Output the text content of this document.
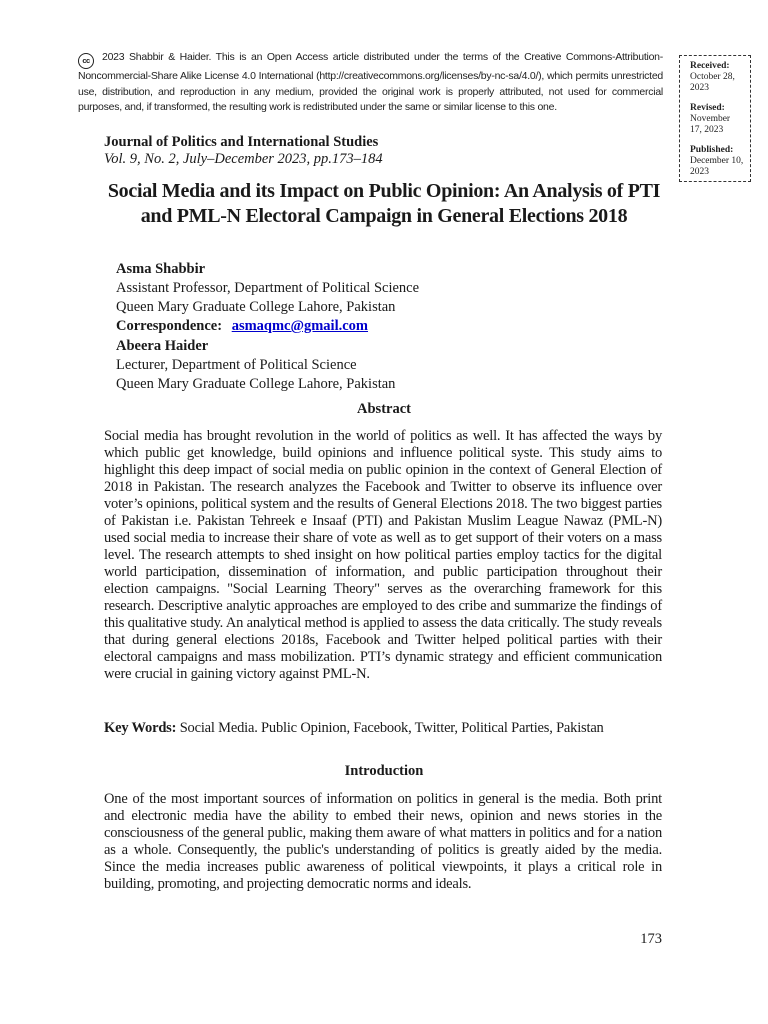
cc 2023 Shabbir & Haider. This is an Open Access article distributed under the terms of the Creative Commons-Attribution-Noncommercial-Share Alike License 4.0 International (http://creativecommons.org/licenses/by-nc-sa/4.0/), which permits unrestricted use, distribution, and reproduction in any medium, provided the original work is properly attributed, not used for commercial purposes, and, if transformed, the resulting work is redistributed under the same or similar license to this one.
Received:
October 28, 2023
Revised:
November 17, 2023
Published:
December 10, 2023
Journal of Politics and International Studies
Vol. 9, No. 2, July–December 2023, pp.173–184
Social Media and its Impact on Public Opinion: An Analysis of PTI and PML-N Electoral Campaign in General Elections 2018
Asma Shabbir
Assistant Professor, Department of Political Science
Queen Mary Graduate College Lahore, Pakistan
Correspondence: asmaqmc@gmail.com
Abeera Haider
Lecturer, Department of Political Science
Queen Mary Graduate College Lahore, Pakistan
Abstract
Social media has brought revolution in the world of politics as well. It has affected the ways by which public get knowledge, build opinions and influence political syste. This study aims to highlight this deep impact of social media on public opinion in the context of General Election of 2018 in Pakistan. The research analyzes the Facebook and Twitter to observe its influence over voter’s opinions, political system and the results of General Elections 2018. The two biggest parties of Pakistan i.e. Pakistan Tehreek e Insaaf (PTI) and Pakistan Muslim League Nawaz (PML-N) used social media to increase their share of vote as well as to get support of their voters on a mass level. The research attempts to shed insight on how political parties employ tactics for the digital world participation, dissemination of information, and public participation throughout their election campaigns. "Social Learning Theory" serves as the overarching framework for this research. Descriptive analytic approaches are employed to des cribe and summarize the findings of this qualitative study. An analytical method is applied to assess the data critically. The study reveals that during general elections 2018s, Facebook and Twitter helped political parties with their electoral campaigns and mass mobilization. PTI’s dynamic strategy and efficient communication were crucial in gaining victory against PML-N.
Key Words: Social Media. Public Opinion, Facebook, Twitter, Political Parties, Pakistan
Introduction
One of the most important sources of information on politics in general is the media. Both print and electronic media have the ability to embed their news, opinion and news stories in the consciousness of the general public, making them aware of what matters in politics and for a nation as a whole. Consequently, the public's understanding of politics is greatly aided by the media. Since the media increases public awareness of political viewpoints, it plays a critical role in building, promoting, and projecting democratic norms and ideals.
173
